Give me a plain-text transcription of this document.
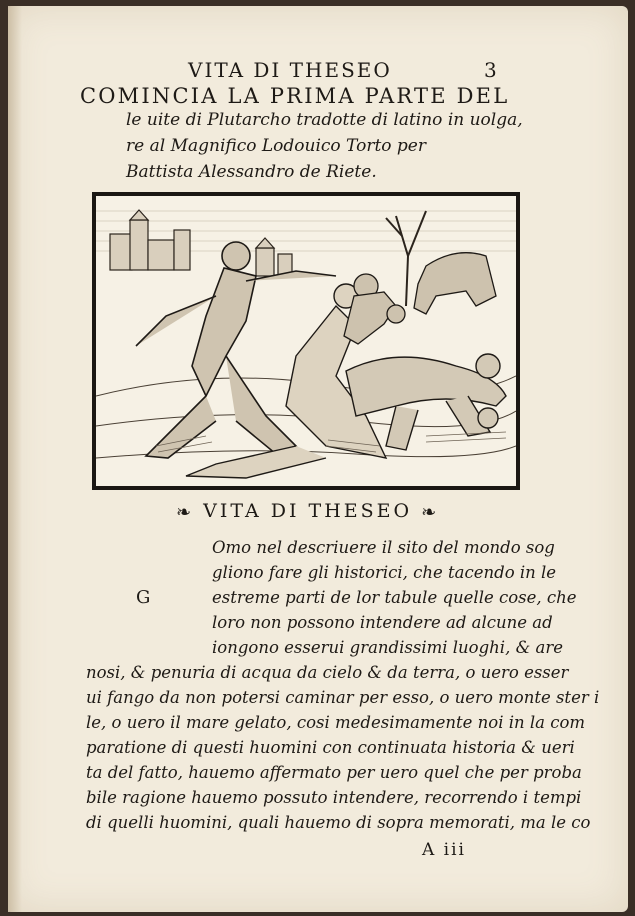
VITA DI THESEO	3
COMINCIA LA PRIMA PARTE DEL
le uite di Plutarcho tradotte di latino in uolga,
re al Magnifico Lodouico Torto per
Battista Alessandro de Riete.
❧ VITA DI THESEO ❧
G
Omo nel descriuere il sito del mondo sog
gliono fare gli historici, che tacendo in le
estreme parti de lor tabule quelle cose, che
loro non possono intendere ad alcune ad
iongono esserui grandissimi luoghi, & are
nosi, & penuria di acqua da cielo & da terra, o uero esser
ui fango da non potersi caminar per esso, o uero monte ster i
le, o uero il mare gelato, cosi medesimamente noi in la com
paratione di questi huomini con continuata historia & ueri
ta del fatto, hauemo affermato per uero quel che per proba
bile ragione hauemo possuto intendere, recorrendo i tempi
di quelli huomini, quali hauemo di sopra memorati, ma le co
A iii
